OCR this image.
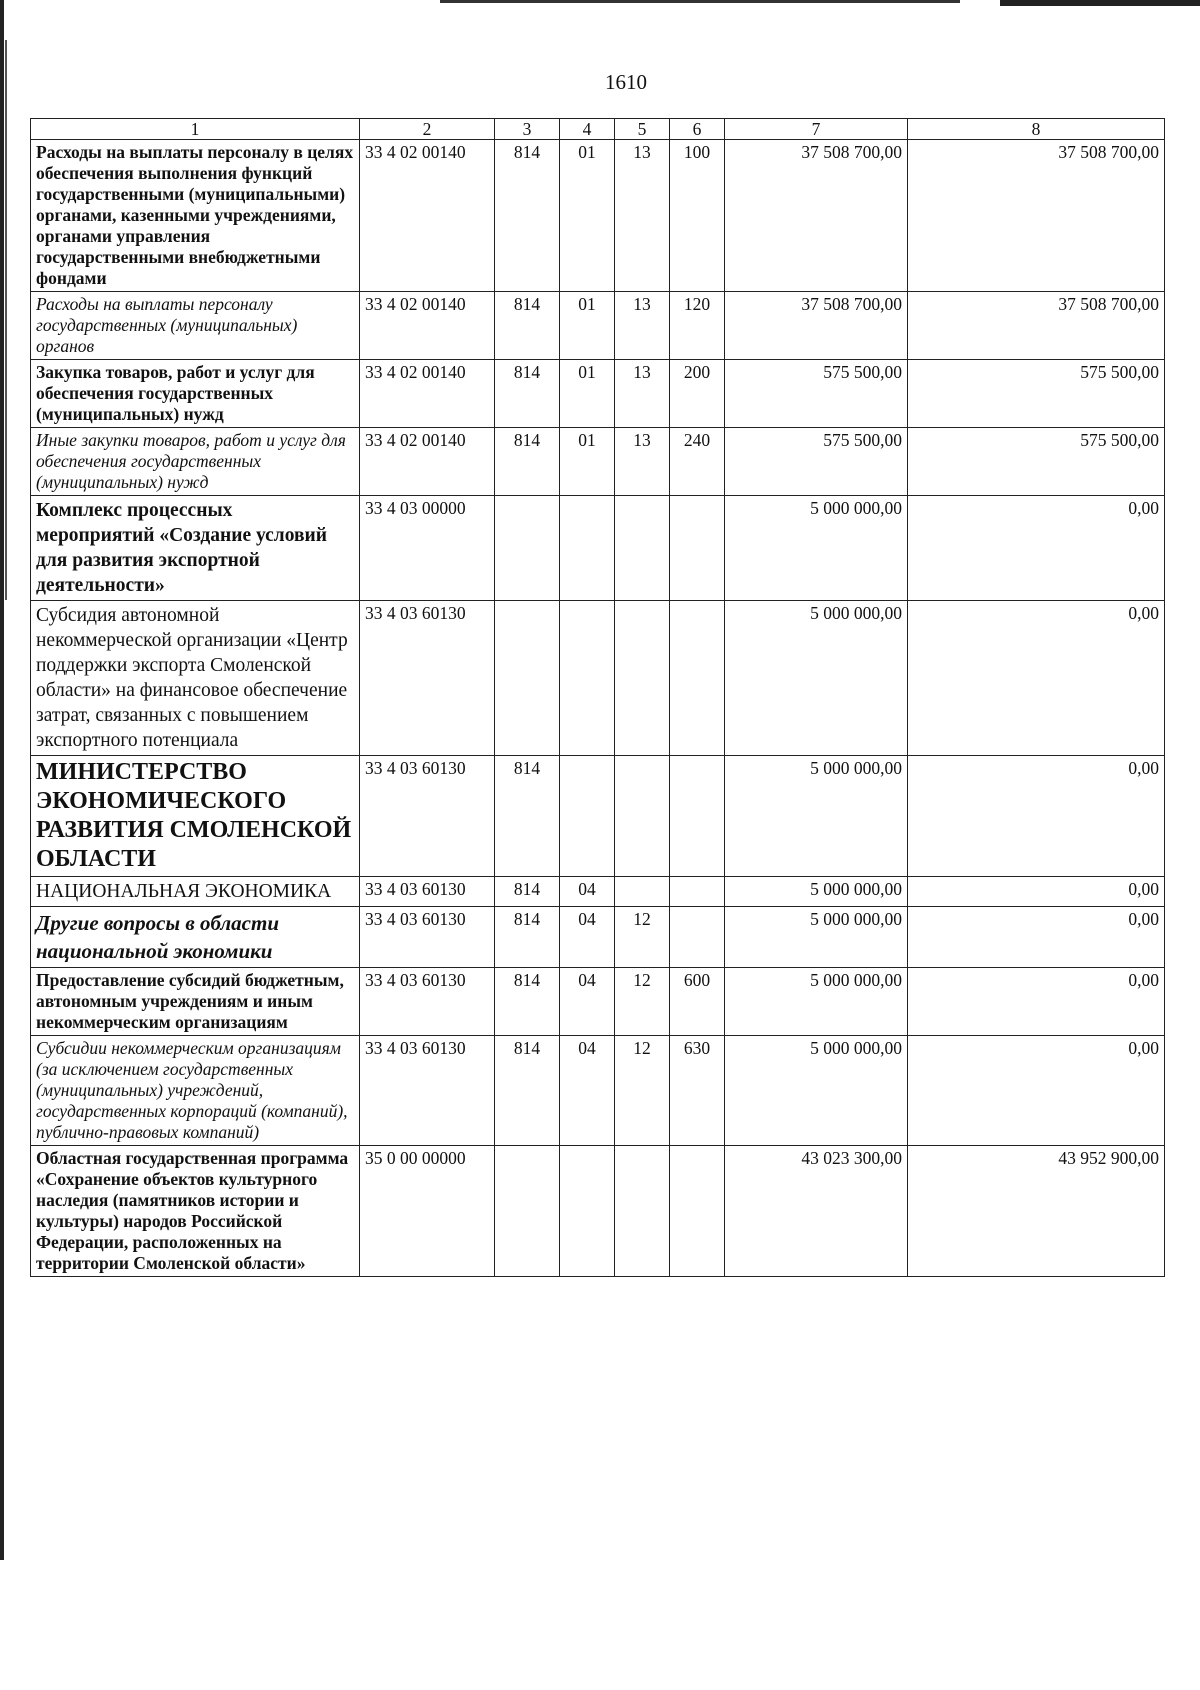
1610
1	2	3	4	5	6	7	8
Расходы на выплаты персоналу в целях обеспечения выполнения функций государственными (муниципальными) органами, казенными учреждениями, органами управления государственными внебюджетными фондами	33 4 02 00140	814	01	13	100	37 508 700,00	37 508 700,00
Расходы на выплаты персоналу государственных (муниципальных) органов	33 4 02 00140	814	01	13	120	37 508 700,00	37 508 700,00
Закупка товаров, работ и услуг для обеспечения государственных (муниципальных) нужд	33 4 02 00140	814	01	13	200	575 500,00	575 500,00
Иные закупки товаров, работ и услуг для обеспечения государственных (муниципальных) нужд	33 4 02 00140	814	01	13	240	575 500,00	575 500,00
Комплекс процессных мероприятий «Создание условий для развития экспортной деятельности»	33 4 03 00000					5 000 000,00	0,00
Субсидия автономной некоммерческой организации «Центр поддержки экспорта Смоленской области» на финансовое обеспечение затрат, связанных с повышением экспортного потенциала	33 4 03 60130					5 000 000,00	0,00
МИНИСТЕРСТВО ЭКОНОМИЧЕСКОГО РАЗВИТИЯ СМОЛЕНСКОЙ ОБЛАСТИ	33 4 03 60130	814				5 000 000,00	0,00
НАЦИОНАЛЬНАЯ ЭКОНОМИКА	33 4 03 60130	814	04			5 000 000,00	0,00
Другие вопросы в области национальной экономики	33 4 03 60130	814	04	12		5 000 000,00	0,00
Предоставление субсидий бюджетным, автономным учреждениям и иным некоммерческим организациям	33 4 03 60130	814	04	12	600	5 000 000,00	0,00
Субсидии некоммерческим организациям (за исключением государственных (муниципальных) учреждений, государственных корпораций (компаний), публично-правовых компаний)	33 4 03 60130	814	04	12	630	5 000 000,00	0,00
Областная государственная программа «Сохранение объектов культурного наследия (памятников истории и культуры) народов Российской Федерации, расположенных на территории Смоленской области»	35 0 00 00000					43 023 300,00	43 952 900,00
